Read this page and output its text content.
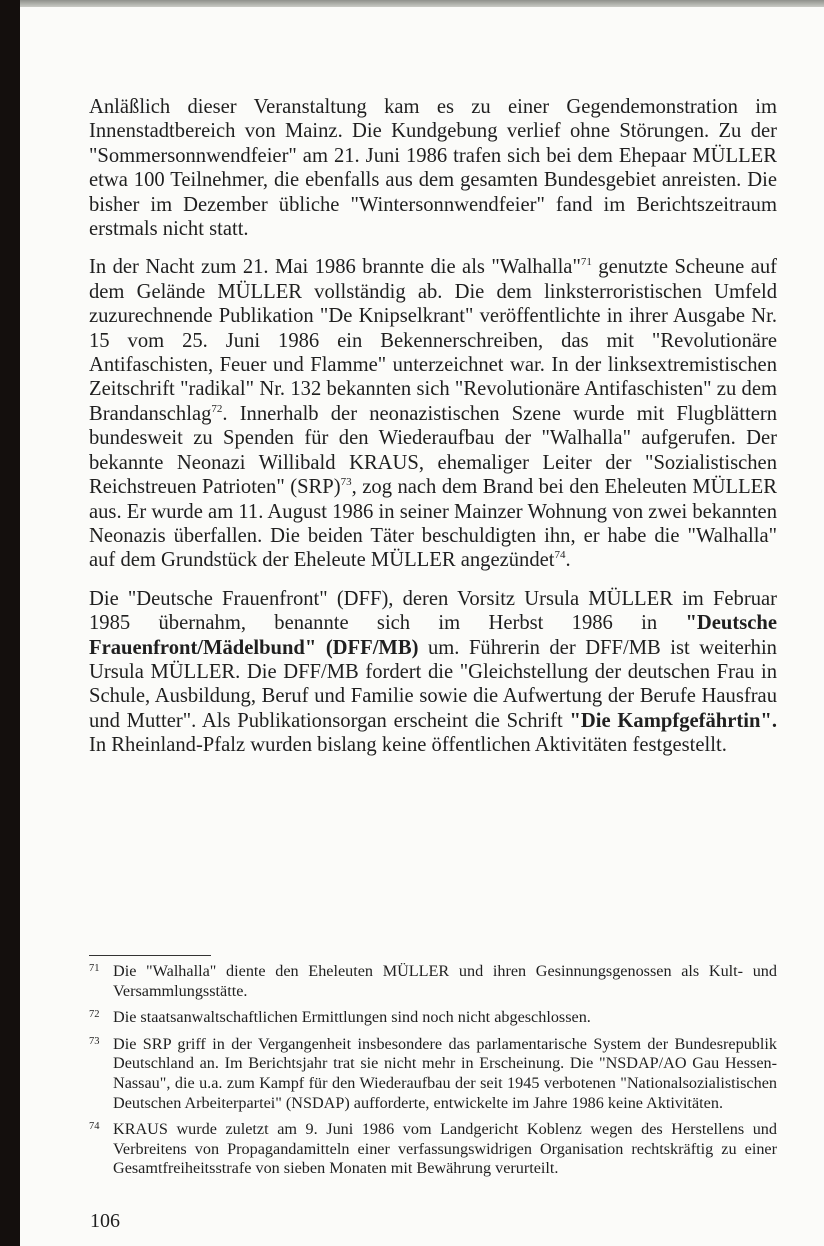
Anläßlich dieser Veranstaltung kam es zu einer Gegendemonstration im Innenstadtbereich von Mainz. Die Kundgebung verlief ohne Störungen. Zu der "Sommersonnwendfeier" am 21. Juni 1986 trafen sich bei dem Ehepaar MÜLLER etwa 100 Teilnehmer, die ebenfalls aus dem gesamten Bundesgebiet anreisten. Die bisher im Dezember übliche "Wintersonnwendfeier" fand im Berichtszeitraum erstmals nicht statt.

In der Nacht zum 21. Mai 1986 brannte die als "Walhalla"$^{71}$ genutzte Scheune auf dem Gelände MÜLLER vollständig ab. Die dem linksterroristischen Umfeld zuzurechnende Publikation "De Knipselkrant" veröffentlichte in ihrer Ausgabe Nr. 15 vom 25. Juni 1986 ein Bekennerschreiben, das mit "Revolutionäre Antifaschisten, Feuer und Flamme" unterzeichnet war. In der linksextremistischen Zeitschrift "radikal" Nr. 132 bekannten sich "Revolutionäre Antifaschisten" zu dem Brandanschlag$^{72}$. Innerhalb der neonazistischen Szene wurde mit Flugblättern bundesweit zu Spenden für den Wiederaufbau der "Walhalla" aufgerufen. Der bekannte Neonazi Willibald KRAUS, ehemaliger Leiter der "Sozialistischen Reichstreuen Patrioten" (SRP)$^{73}$, zog nach dem Brand bei den Eheleuten MÜLLER aus. Er wurde am 11. August 1986 in seiner Mainzer Wohnung von zwei bekannten Neonazis überfallen. Die beiden Täter beschuldigten ihn, er habe die "Walhalla" auf dem Grundstück der Eheleute MÜLLER angezündet$^{74}$.

Die "Deutsche Frauenfront" (DFF), deren Vorsitz Ursula MÜLLER im Februar 1985 übernahm, benannte sich im Herbst 1986 in "Deutsche Frauenfront/Mädelbund" (DFF/MB) um. Führerin der DFF/MB ist weiterhin Ursula MÜLLER. Die DFF/MB fordert die "Gleichstellung der deutschen Frau in Schule, Ausbildung, Beruf und Familie sowie die Aufwertung der Berufe Hausfrau und Mutter". Als Publikationsorgan erscheint die Schrift "Die Kampfgefährtin". In Rheinland-Pfalz wurden bislang keine öffentlichen Aktivitäten festgestellt.

71 Die "Walhalla" diente den Eheleuten MÜLLER und ihren Gesinnungsgenossen als Kult- und Versammlungsstätte.
72 Die staatsanwaltschaftlichen Ermittlungen sind noch nicht abgeschlossen.
73 Die SRP griff in der Vergangenheit insbesondere das parlamentarische System der Bundesrepublik Deutschland an. Im Berichtsjahr trat sie nicht mehr in Erscheinung. Die "NSDAP/AO Gau Hessen-Nassau", die u.a. zum Kampf für den Wiederaufbau der seit 1945 verbotenen "Nationalsozialistischen Deutschen Arbeiterpartei" (NSDAP) aufforderte, entwickelte im Jahre 1986 keine Aktivitäten.
74 KRAUS wurde zuletzt am 9. Juni 1986 vom Landgericht Koblenz wegen des Herstellens und Verbreitens von Propagandamitteln einer verfassungswidrigen Organisation rechtskräftig zu einer Gesamtfreiheitsstrafe von sieben Monaten mit Bewährung verurteilt.
106
